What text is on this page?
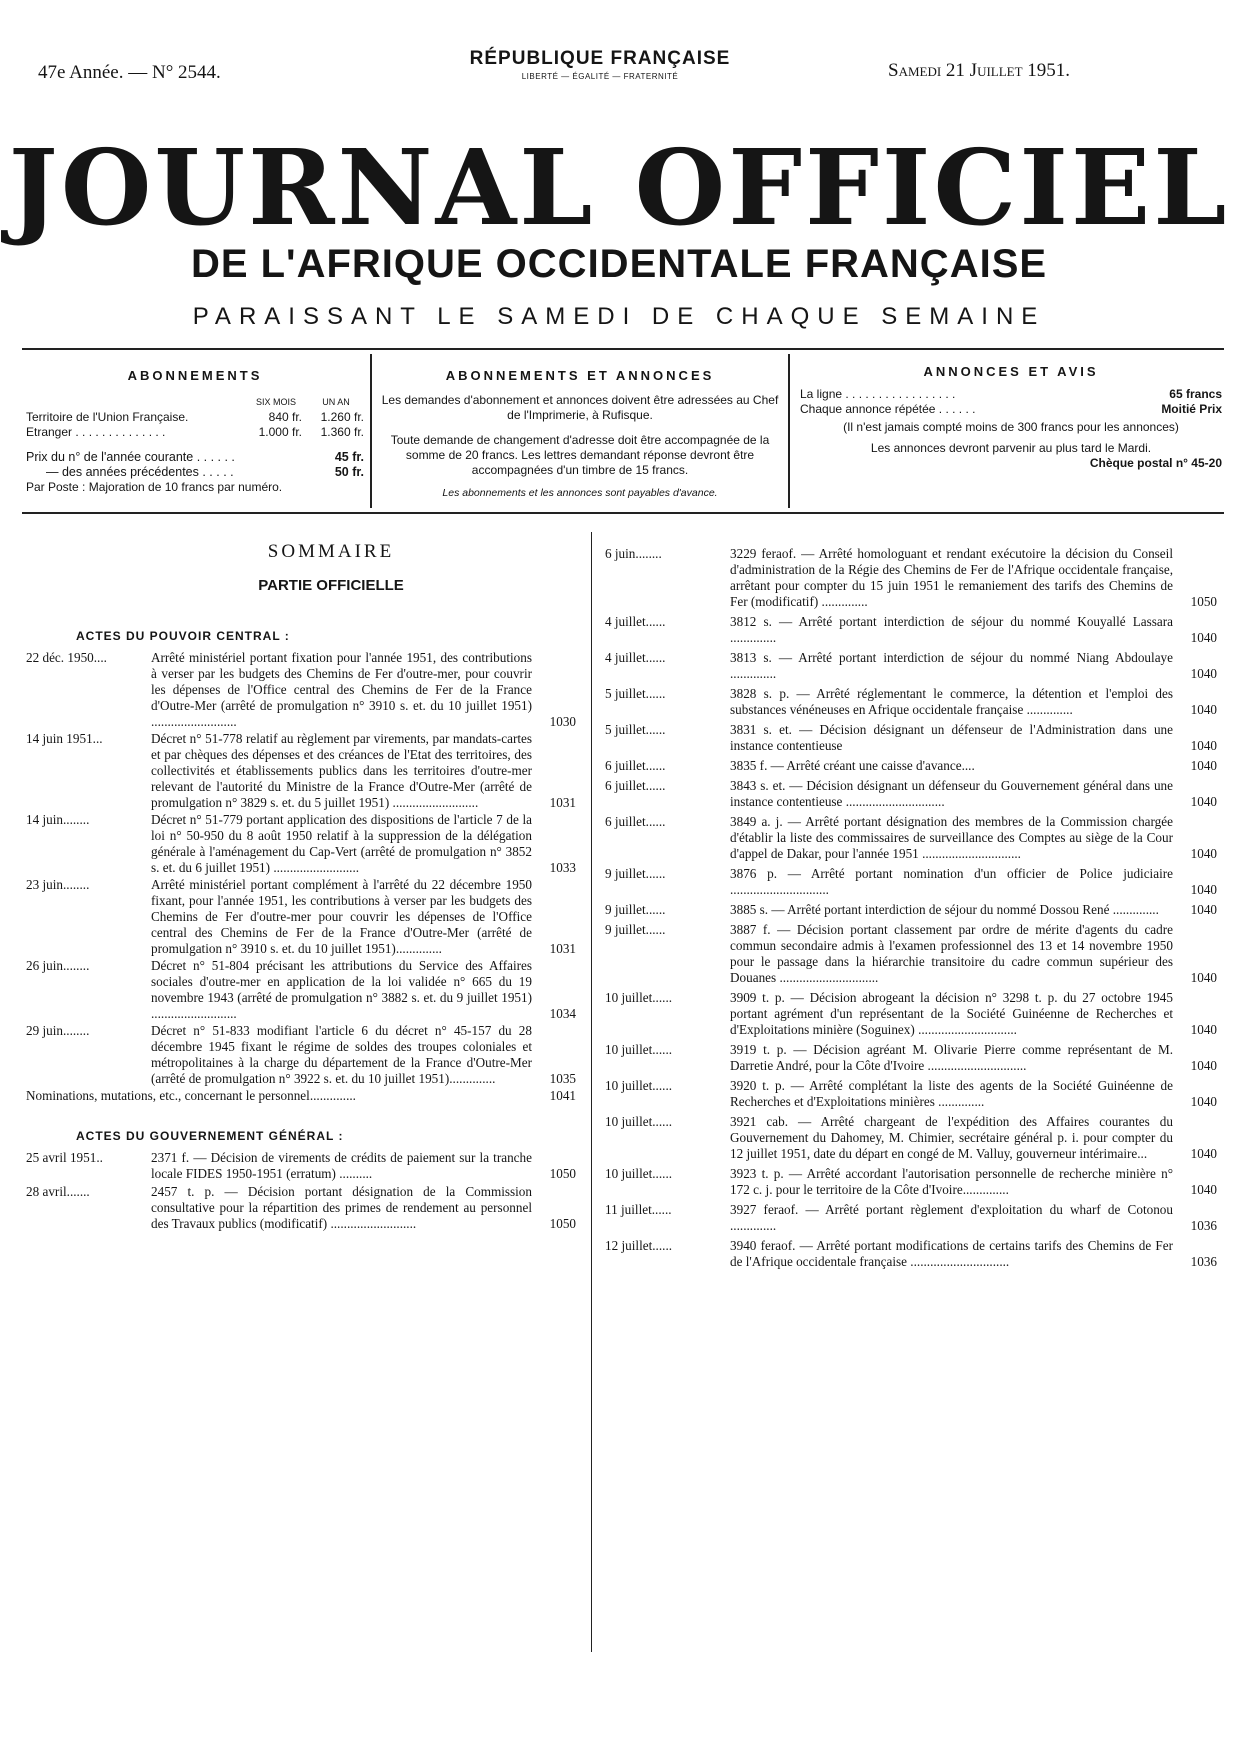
47e Année. — N° 2544.
RÉPUBLIQUE FRANÇAISE
LIBERTÉ — ÉGALITÉ — FRATERNITÉ	Samedi 21 Juillet 1951.
JOURNAL OFFICIEL
DE L'AFRIQUE OCCIDENTALE FRANÇAISE
PARAISSANT LE SAMEDI DE CHAQUE SEMAINE
ABONNEMENTS
SIX MOIS	UN AN
Territoire de l'Union Française.	840 fr. 1.260 fr.
Etranger . . . . . . . . . . . . . .	1.000 fr. 1.360 fr.
Prix du n° de l'année courante . . . . . .	45 fr.
— des années précédentes . . . . .	50 fr.
Par Poste : Majoration de 10 francs par numéro.
ABONNEMENTS ET ANNONCES
Les demandes d'abonnement et annonces doivent être adressées au Chef de l'Imprimerie, à Rufisque.
Toute demande de changement d'adresse doit être accompagnée de la somme de 20 francs. Les lettres demandant réponse devront être accompagnées d'un timbre de 15 francs.
Les abonnements et les annonces sont payables d'avance.
ANNONCES ET AVIS
La ligne . . . . . . . . . . . . . . . . .	65 francs
Chaque annonce répétée . . . . . .	Moitié Prix
(Il n'est jamais compté moins de 300 francs pour les annonces)
Les annonces devront parvenir au plus tard le Mardi.
Chèque postal n° 45-20
SOMMAIRE
PARTIE OFFICIELLE
ACTES DU POUVOIR CENTRAL :
22 déc. 1950....	Arrêté ministériel portant fixation pour l'année 1951, des contributions à verser par les budgets des Chemins de Fer d'outre-mer, pour couvrir les dépenses de l'Office central des Chemins de Fer de la France d'Outre-Mer (arrêté de promulgation n° 3910 s. et. du 10 juillet 1951) ..........................	1030
14 juin 1951...	Décret n° 51-778 relatif au règlement par virements, par mandats-cartes et par chèques des dépenses et des créances de l'Etat des territoires, des collectivités et établissements publics dans les territoires d'outre-mer relevant de l'autorité du Ministre de la France d'Outre-Mer (arrêté de promulgation n° 3829 s. et. du 5 juillet 1951) ..........................	1031
14 juin........	Décret n° 51-779 portant application des dispositions de l'article 7 de la loi n° 50-950 du 8 août 1950 relatif à la suppression de la délégation générale à l'aménagement du Cap-Vert (arrêté de promulgation n° 3852 s. et. du 6 juillet 1951) ..........................	1033
23 juin........	Arrêté ministériel portant complément à l'arrêté du 22 décembre 1950 fixant, pour l'année 1951, les contributions à verser par les budgets des Chemins de Fer d'outre-mer pour couvrir les dépenses de l'Office central des Chemins de Fer de la France d'Outre-Mer (arrêté de promulgation n° 3910 s. et. du 10 juillet 1951)..............	1031
26 juin........	Décret n° 51-804 précisant les attributions du Service des Affaires sociales d'outre-mer en application de la loi validée n° 665 du 19 novembre 1943 (arrêté de promulgation n° 3882 s. et. du 9 juillet 1951) ..........................	1034
29 juin........	Décret n° 51-833 modifiant l'article 6 du décret n° 45-157 du 28 décembre 1945 fixant le régime de soldes des troupes coloniales et métropolitaines à la charge du département de la France d'Outre-Mer (arrêté de promulgation n° 3922 s. et. du 10 juillet 1951)..............	1035
Nominations, mutations, etc., concernant le personnel..............	1041
ACTES DU GOUVERNEMENT GÉNÉRAL :
25 avril 1951..	2371 f. — Décision de virements de crédits de paiement sur la tranche locale FIDES 1950-1951 (erratum) ..........	1050
28 avril.......	2457 t. p. — Décision portant désignation de la Commission consultative pour la répartition des primes de rendement au personnel des Travaux publics (modificatif) ..........................	1050
6 juin........	3229 feraof. — Arrêté homologuant et rendant exécutoire la décision du Conseil d'administration de la Régie des Chemins de Fer de l'Afrique occidentale française, arrêtant pour compter du 15 juin 1951 le remaniement des tarifs des Chemins de Fer (modificatif) ..............	1050
4 juillet......	3812 s. — Arrêté portant interdiction de séjour du nommé Kouyallé Lassara ..............	1040
4 juillet......	3813 s. — Arrêté portant interdiction de séjour du nommé Niang Abdoulaye ..............	1040
5 juillet......	3828 s. p. — Arrêté réglementant le commerce, la détention et l'emploi des substances vénéneuses en Afrique occidentale française ..............	1040
5 juillet......	3831 s. et. — Décision désignant un défenseur de l'Administration dans une instance contentieuse	1040
6 juillet......	3835 f. — Arrêté créant une caisse d'avance....	1040
6 juillet......	3843 s. et. — Décision désignant un défenseur du Gouvernement général dans une instance contentieuse ..............................	1040
6 juillet......	3849 a. j. — Arrêté portant désignation des membres de la Commission chargée d'établir la liste des commissaires de surveillance des Comptes au siège de la Cour d'appel de Dakar, pour l'année 1951 ..............................	1040
9 juillet......	3876 p. — Arrêté portant nomination d'un officier de Police judiciaire ..............................	1040
9 juillet......	3885 s. — Arrêté portant interdiction de séjour du nommé Dossou René ..............	1040
9 juillet......	3887 f. — Décision portant classement par ordre de mérite d'agents du cadre commun secondaire admis à l'examen professionnel des 13 et 14 novembre 1950 pour le passage dans la hiérarchie transitoire du cadre commun supérieur des Douanes ..............................	1040
10 juillet......	3909 t. p. — Décision abrogeant la décision n° 3298 t. p. du 27 octobre 1945 portant agrément d'un représentant de la Société Guinéenne de Recherches et d'Exploitations minière (Soguinex) ..............................	1040
10 juillet......	3919 t. p. — Décision agréant M. Olivarie Pierre comme représentant de M. Darretie André, pour la Côte d'Ivoire ..............................	1040
10 juillet......	3920 t. p. — Arrêté complétant la liste des agents de la Société Guinéenne de Recherches et d'Exploitations minières ..............	1040
10 juillet......	3921 cab. — Arrêté chargeant de l'expédition des Affaires courantes du Gouvernement du Dahomey, M. Chimier, secrétaire général p. i. pour compter du 12 juillet 1951, date du départ en congé de M. Valluy, gouverneur intérimaire...	1040
10 juillet......	3923 t. p. — Arrêté accordant l'autorisation personnelle de recherche minière n° 172 c. j. pour le territoire de la Côte d'Ivoire..............	1040
11 juillet......	3927 feraof. — Arrêté portant règlement d'exploitation du wharf de Cotonou ..............	1036
12 juillet......	3940 feraof. — Arrêté portant modifications de certains tarifs des Chemins de Fer de l'Afrique occidentale française ..............................	1036
